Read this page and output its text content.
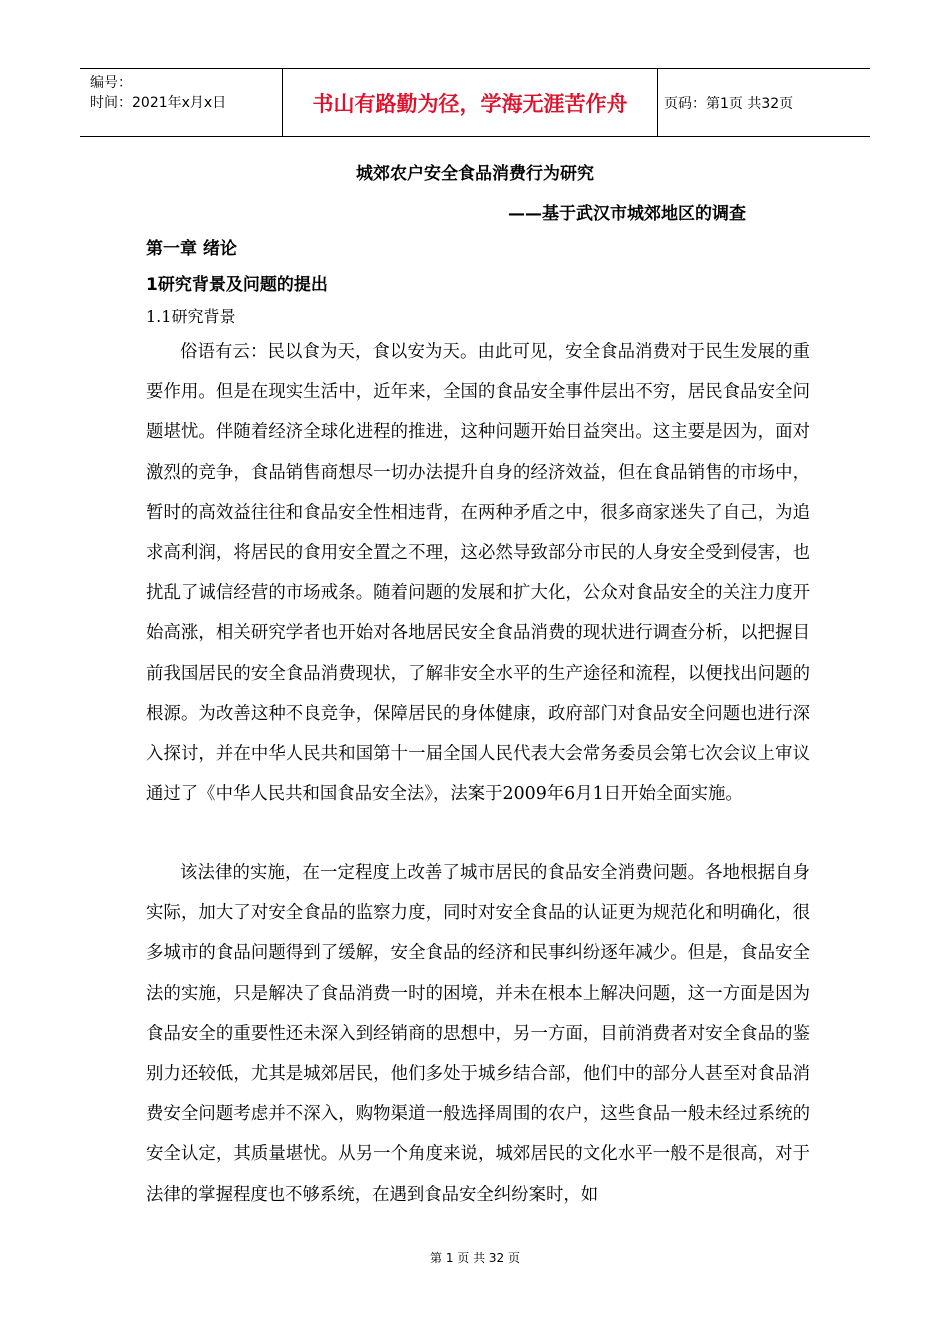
编号：
时间：2021年x月x日	书山有路勤为径，学海无涯苦作舟	页码：第1页 共32页
城郊农户安全食品消费行为研究
——基于武汉市城郊地区的调查
第一章 绪论
1研究背景及问题的提出
1.1研究背景

俗语有云：民以食为天，食以安为天。由此可见，安全食品消费对于民生发展的重要作用。但是在现实生活中，近年来，全国的食品安全事件层出不穷，居民食品安全问题堪忧。伴随着经济全球化进程的推进，这种问题开始日益突出。这主要是因为，面对激烈的竞争，食品销售商想尽一切办法提升自身的经济效益，但在食品销售的市场中，暂时的高效益往往和食品安全性相违背，在两种矛盾之中，很多商家迷失了自己，为追求高利润，将居民的食用安全置之不理，这必然导致部分市民的人身安全受到侵害，也扰乱了诚信经营的市场戒条。随着问题的发展和扩大化，公众对食品安全的关注力度开始高涨，相关研究学者也开始对各地居民安全食品消费的现状进行调查分析，以把握目前我国居民的安全食品消费现状，了解非安全水平的生产途径和流程，以便找出问题的根源。为改善这种不良竞争，保障居民的身体健康，政府部门对食品安全问题也进行深入探讨，并在中华人民共和国第十一届全国人民代表大会常务委员会第七次会议上审议通过了《中华人民共和国食品安全法》，法案于2009年6月1日开始全面实施。

该法律的实施，在一定程度上改善了城市居民的食品安全消费问题。各地根据自身实际，加大了对安全食品的监察力度，同时对安全食品的认证更为规范化和明确化，很多城市的食品问题得到了缓解，安全食品的经济和民事纠纷逐年减少。但是，食品安全法的实施，只是解决了食品消费一时的困境，并未在根本上解决问题，这一方面是因为食品安全的重要性还未深入到经销商的思想中，另一方面，目前消费者对安全食品的鉴别力还较低，尤其是城郊居民，他们多处于城乡结合部，他们中的部分人甚至对食品消费安全问题考虑并不深入，购物渠道一般选择周围的农户，这些食品一般未经过系统的安全认定，其质量堪忧。从另一个角度来说，城郊居民的文化水平一般不是很高，对于法律的掌握程度也不够系统，在遇到食品安全纠纷案时，如

第 1 页 共 32 页
